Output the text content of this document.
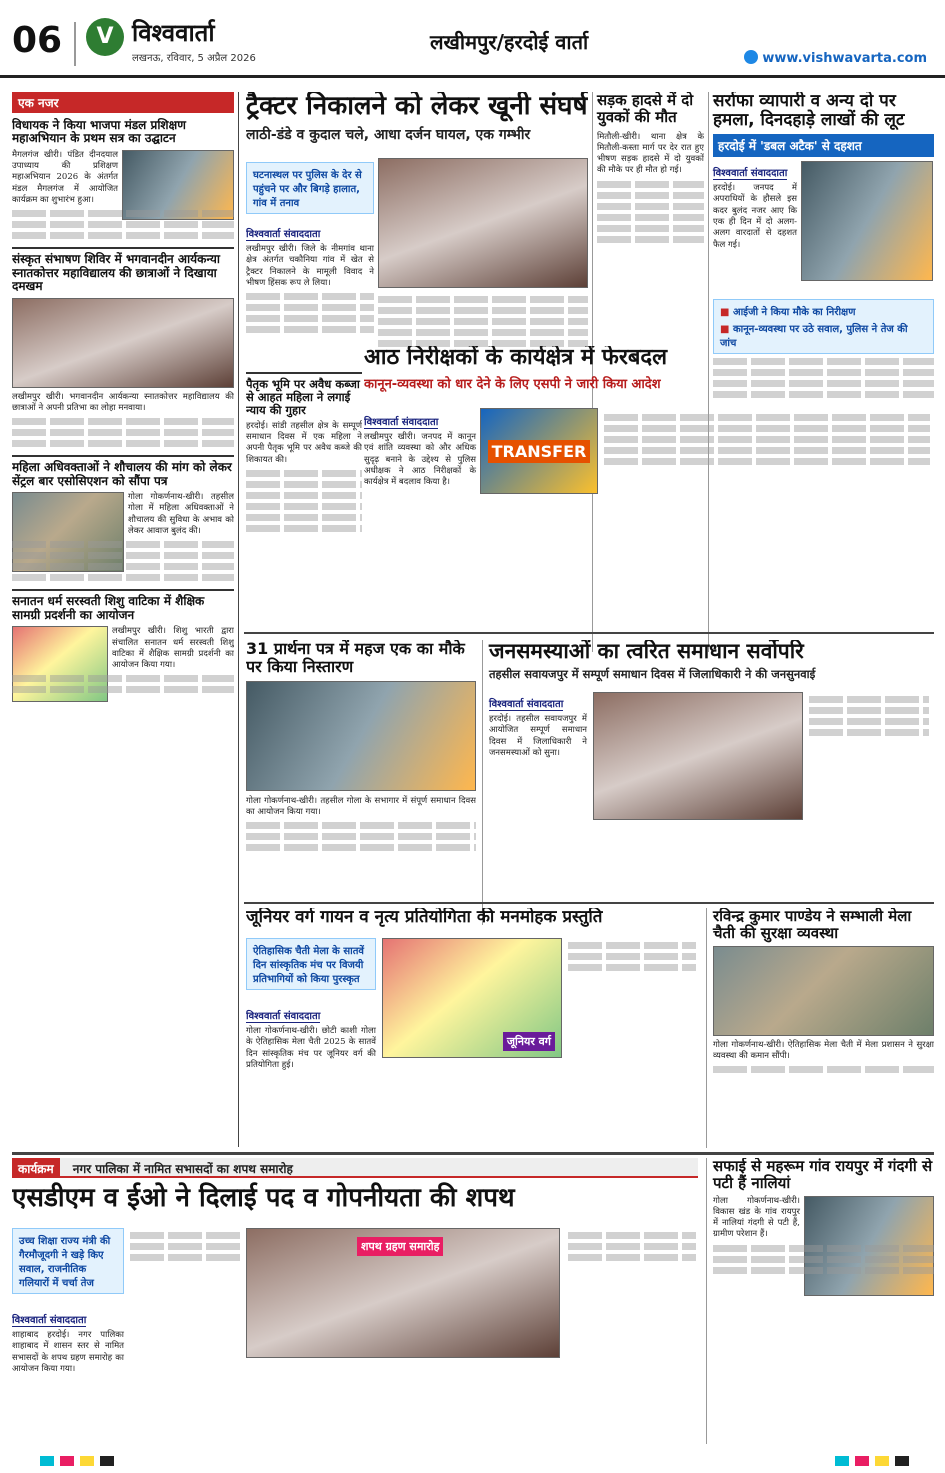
06	V विश्ववार्ता
लखनऊ, रविवार, 5 अप्रैल 2026
लखीमपुर/हरदोई वार्ता
www.vishwavarta.com
एक नजर
विधायक ने किया भाजपा मंडल प्रशिक्षण महाअभियान के प्रथम सत्र का उद्घाटन

मैगलगंज खीरी। पंडित दीनदयाल उपाध्याय की प्रशिक्षण महाअभियान 2026 के अंतर्गत मंडल मैगलगंज में आयोजित कार्यक्रम का शुभारंभ हुआ।

संस्कृत संभाषण शिविर में भगवानदीन आर्यकन्या स्नातकोत्तर महाविद्यालय की छात्राओं ने दिखाया दमखम

लखीमपुर खीरी। भगवानदीन आर्यकन्या स्नातकोत्तर महाविद्यालय की छात्राओं ने अपनी प्रतिभा का लोहा मनवाया।

महिला अधिवक्ताओं ने शौचालय की मांग को लेकर सेंट्रल बार एसोसिएशन को सौंपा पत्र

गोला गोकर्णनाथ-खीरी। तहसील गोला में महिला अधिवक्ताओं ने शौचालय की सुविधा के अभाव को लेकर आवाज बुलंद की।

सनातन धर्म सरस्वती शिशु वाटिका में शैक्षिक सामग्री प्रदर्शनी का आयोजन

लखीमपुर खीरी। शिशु भारती द्वारा संचालित सनातन धर्म सरस्वती शिशु वाटिका में शैक्षिक सामग्री प्रदर्शनी का आयोजन किया गया।

ट्रैक्टर निकालने को लेकर खूनी संघर्ष
लाठी-डंडे व कुदाल चले, आधा दर्जन घायल, एक गम्भीर
घटनास्थल पर पुलिस के देर से पहुंचने पर और बिगड़े हालात, गांव में तनाव
विश्ववार्ता संवाददाता

लखीमपुर खीरी। जिले के नीमगांव थाना क्षेत्र अंतर्गत चकौनिया गांव में खेत से ट्रैक्टर निकालने के मामूली विवाद ने भीषण हिंसक रूप ले लिया।

पैतृक भूमि पर अवैध कब्जा से आहत महिला ने लगाई न्याय की गुहार

हरदोई। सांडी तहसील क्षेत्र के सम्पूर्ण समाधान दिवस में एक महिला ने अपनी पैतृक भूमि पर अवैध कब्जे की शिकायत की।

सड़क हादसे में दो युवकों की मौत

मितौली-खीरी। थाना क्षेत्र के मितौली-कस्ता मार्ग पर देर रात हुए भीषण सड़क हादसे में दो युवकों की मौके पर ही मौत हो गई।

सर्राफा व्यापारी व अन्य दो पर हमला, दिनदहाड़े लाखों की लूट
हरदोई में 'डबल अटैक' से दहशत
विश्ववार्ता संवाददाता

हरदोई। जनपद में अपराधियों के हौसले इस कदर बुलंद नजर आए कि एक ही दिन में दो अलग-अलग वारदातों से दहशत फैल गई।

■ आईजी ने किया मौके का निरीक्षण
■ कानून-व्यवस्था पर उठे सवाल, पुलिस ने तेज की जांच
आठ निरीक्षकों के कार्यक्षेत्र में फेरबदल
कानून-व्यवस्था को धार देने के लिए एसपी ने जारी किया आदेश
विश्ववार्ता संवाददाता

लखीमपुर खीरी। जनपद में कानून एवं शांति व्यवस्था को और अधिक सुदृढ़ बनाने के उद्देश्य से पुलिस अधीक्षक ने आठ निरीक्षकों के कार्यक्षेत्र में बदलाव किया है।

TRANSFER
31 प्रार्थना पत्र में महज एक का मौके पर किया निस्तारण

गोला गोकर्णनाथ-खीरी। तहसील गोला के सभागार में संपूर्ण समाधान दिवस का आयोजन किया गया।

जनसमस्याओं का त्वरित समाधान सर्वोपरि
तहसील सवायजपुर में सम्पूर्ण समाधान दिवस में जिलाधिकारी ने की जनसुनवाई
विश्ववार्ता संवाददाता

हरदोई। तहसील सवायजपुर में आयोजित सम्पूर्ण समाधान दिवस में जिलाधिकारी ने जनसमस्याओं को सुना।

जूनियर वर्ग गायन व नृत्य प्रतियोगिता की मनमोहक प्रस्तुति
ऐतिहासिक चैती मेला के सातवें दिन सांस्कृतिक मंच पर विजयी प्रतिभागियों को किया पुरस्कृत
विश्ववार्ता संवाददाता

गोला गोकर्णनाथ-खीरी। छोटी काशी गोला के ऐतिहासिक मेला चैती 2025 के सातवें दिन सांस्कृतिक मंच पर जूनियर वर्ग की प्रतियोगिता हुई।

जूनियर वर्ग
रविन्द्र कुमार पाण्डेय ने सम्भाली मेला चैती की सुरक्षा व्यवस्था

गोला गोकर्णनाथ-खीरी। ऐतिहासिक मेला चैती में मेला प्रशासन ने सुरक्षा व्यवस्था की कमान सौंपी।

कार्यक्रम नगर पालिका में नामित सभासदों का शपथ समारोह
एसडीएम व ईओ ने दिलाई पद व गोपनीयता की शपथ
उच्च शिक्षा राज्य मंत्री की गैरमौजूदगी ने खड़े किए सवाल, राजनीतिक गलियारों में चर्चा तेज
विश्ववार्ता संवाददाता

शाहाबाद हरदोई। नगर पालिका शाहाबाद में शासन स्तर से नामित सभासदों के शपथ ग्रहण समारोह का आयोजन किया गया।

शपथ ग्रहण समारोह
सफाई से महरूम गांव रायपुर में गंदगी से पटी हैं नालियां

गोला गोकर्णनाथ-खीरी। विकास खंड के गांव रायपुर में नालियां गंदगी से पटी हैं, ग्रामीण परेशान हैं।
